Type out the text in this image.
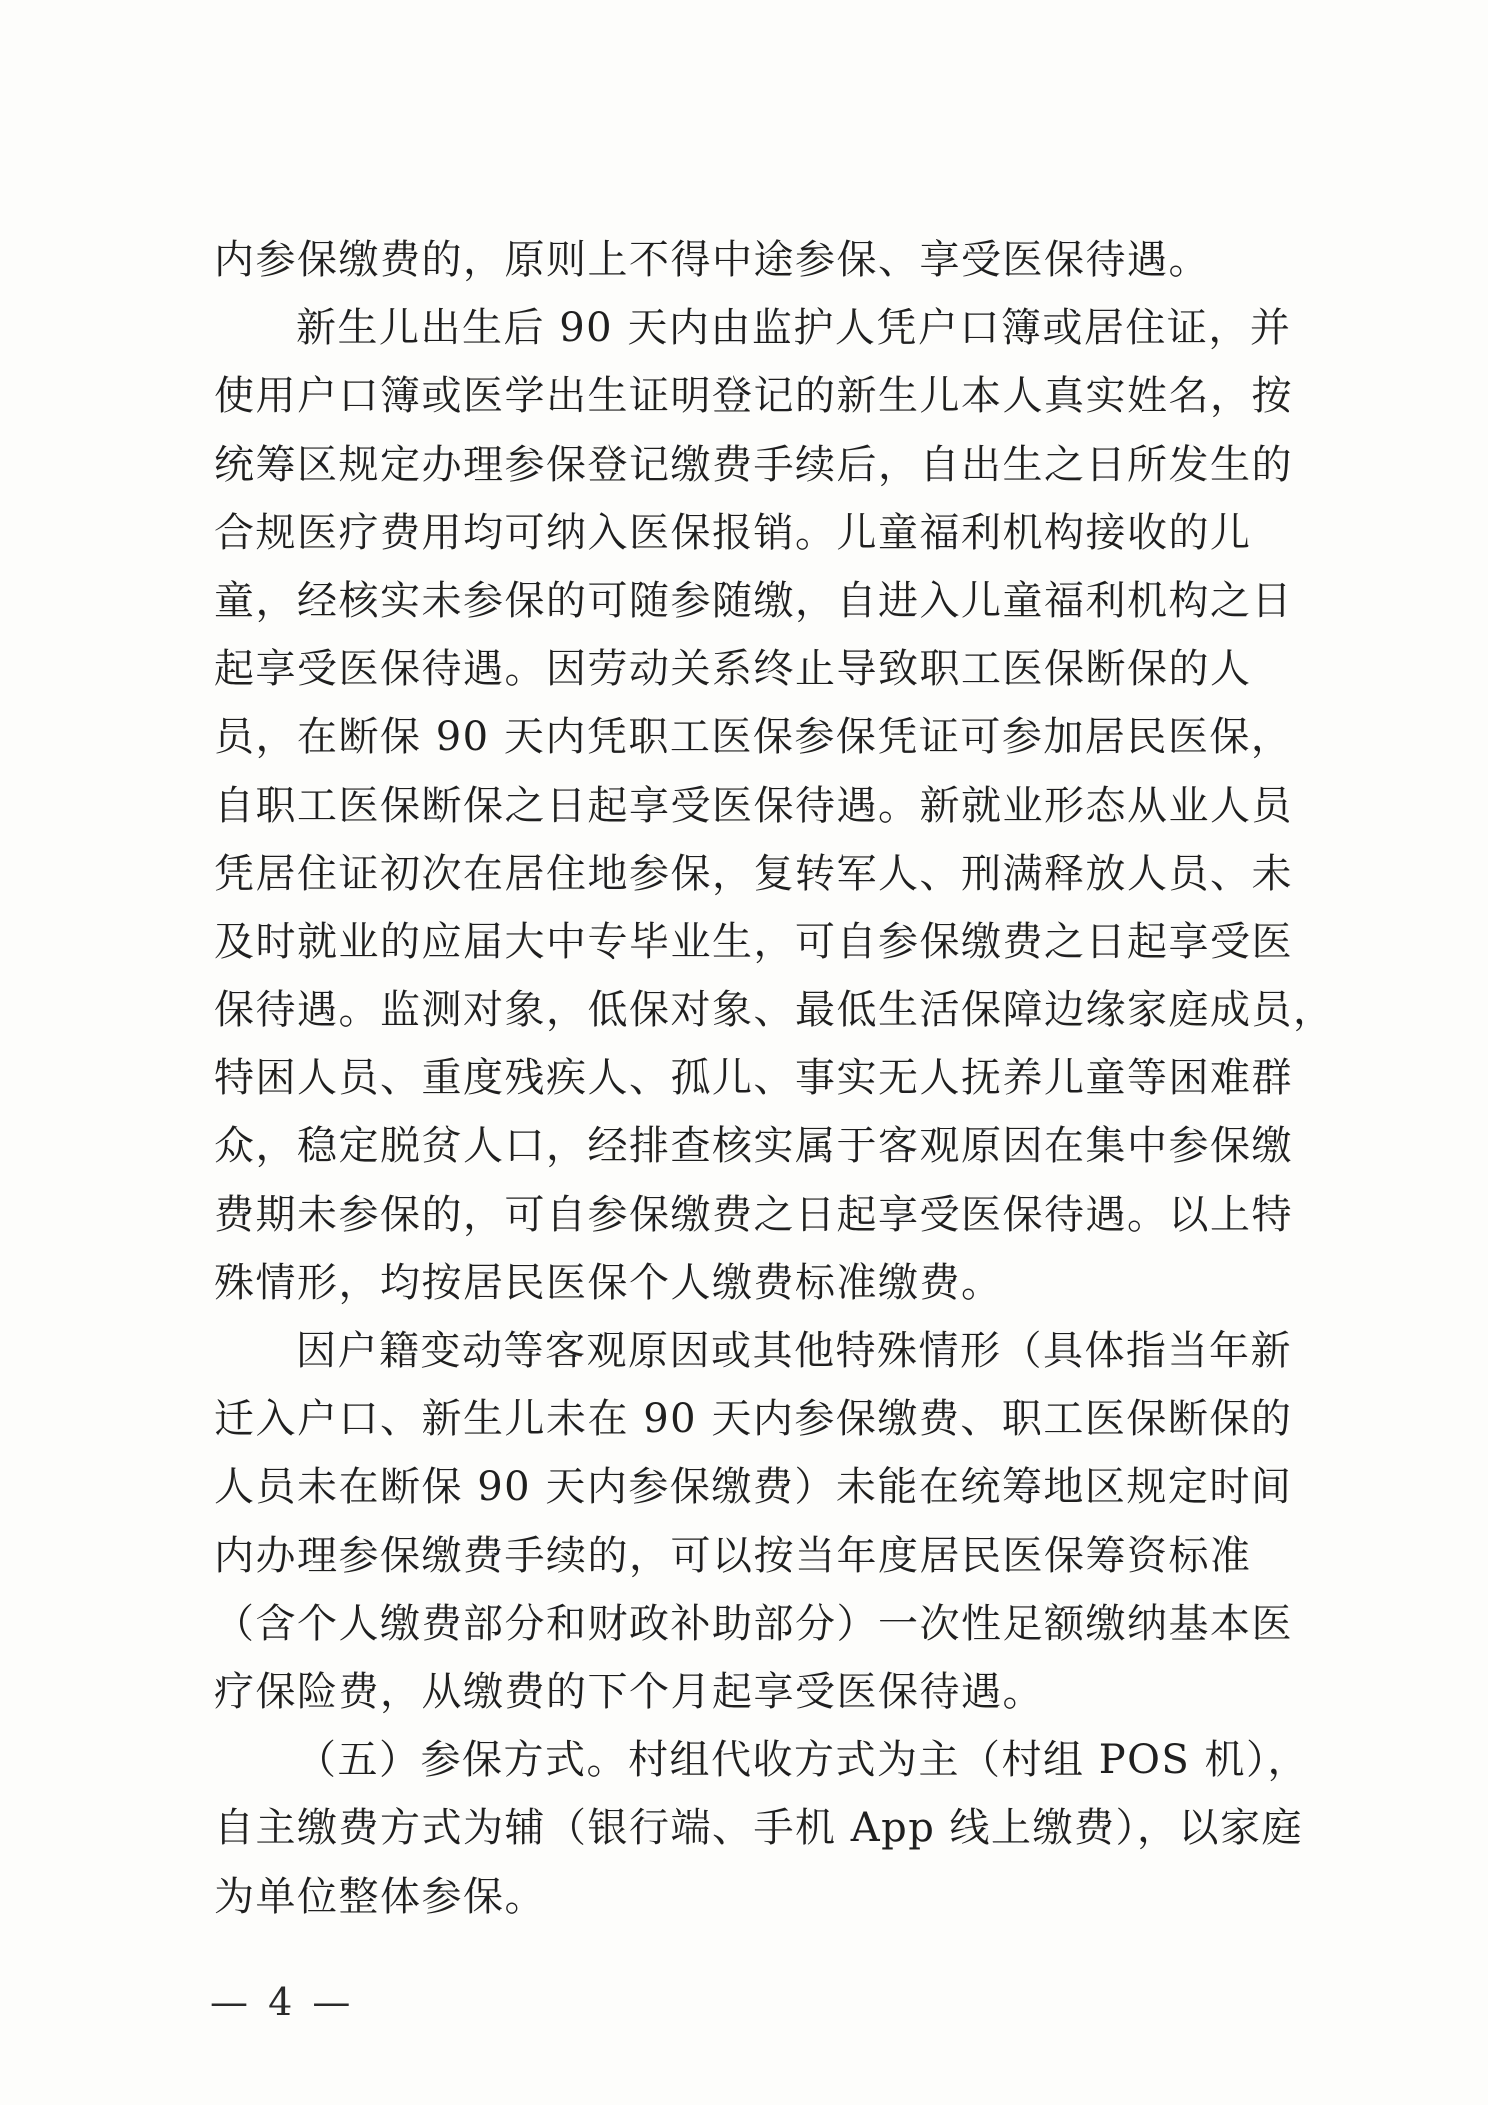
内参保缴费的，原则上不得中途参保、享受医保待遇。
新生儿出生后 90 天内由监护人凭户口簿或居住证，并
使用户口簿或医学出生证明登记的新生儿本人真实姓名，按
统筹区规定办理参保登记缴费手续后，自出生之日所发生的
合规医疗费用均可纳入医保报销。儿童福利机构接收的儿
童，经核实未参保的可随参随缴，自进入儿童福利机构之日
起享受医保待遇。因劳动关系终止导致职工医保断保的人
员，在断保 90 天内凭职工医保参保凭证可参加居民医保，
自职工医保断保之日起享受医保待遇。新就业形态从业人员
凭居住证初次在居住地参保，复转军人、刑满释放人员、未
及时就业的应届大中专毕业生，可自参保缴费之日起享受医
保待遇。监测对象，低保对象、最低生活保障边缘家庭成员，
特困人员、重度残疾人、孤儿、事实无人抚养儿童等困难群
众，稳定脱贫人口，经排查核实属于客观原因在集中参保缴
费期未参保的，可自参保缴费之日起享受医保待遇。以上特
殊情形，均按居民医保个人缴费标准缴费。
因户籍变动等客观原因或其他特殊情形（具体指当年新
迁入户口、新生儿未在 90 天内参保缴费、职工医保断保的
人员未在断保 90 天内参保缴费）未能在统筹地区规定时间
内办理参保缴费手续的，可以按当年度居民医保筹资标准
（含个人缴费部分和财政补助部分）一次性足额缴纳基本医
疗保险费，从缴费的下个月起享受医保待遇。
（五）参保方式。村组代收方式为主（村组 POS 机），
自主缴费方式为辅（银行端、手机 App 线上缴费），以家庭
为单位整体参保。
— 4 —
